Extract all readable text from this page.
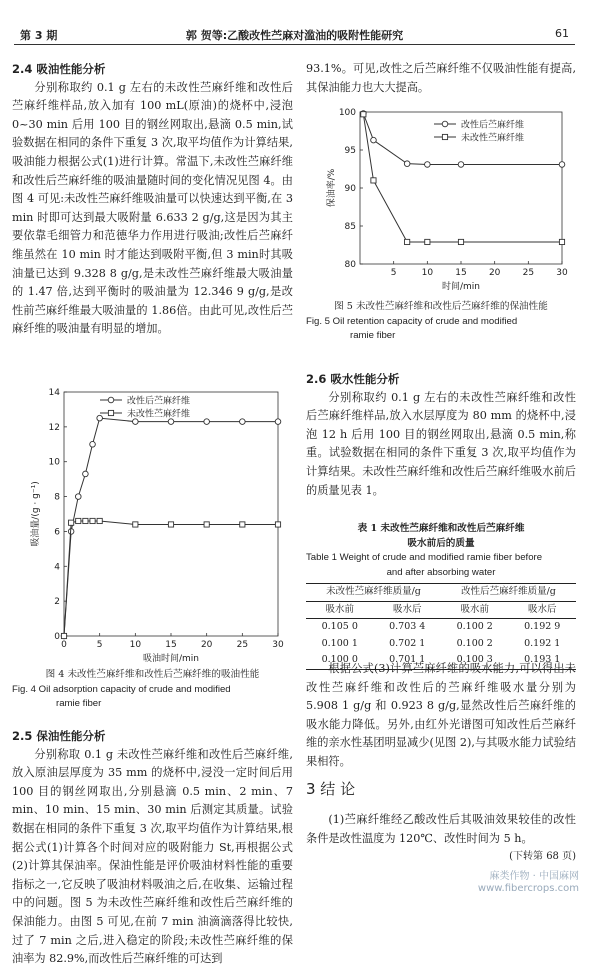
第 3 期	郭 贺等:乙酸改性苎麻对滥油的吸附性能研究	61
2.4 吸油性能分析

分别称取约 0.1 g 左右的未改性苎麻纤维和改性后苎麻纤维样品,放入加有 100 mL(原油)的烧杯中,浸泡 0~30 min 后用 100 目的钢丝网取出,悬滴 0.5 min,试验数据在相同的条件下重复 3 次,取平均值作为计算结果,吸油能力根据公式(1)进行计算。常温下,未改性苎麻纤维和改性后苎麻纤维的吸油量随时间的变化情况见图 4。由图 4 可见:未改性苎麻纤维吸油量可以快速达到平衡,在 3 min 时即可达到最大吸附量 6.633 2 g/g,这是因为其主要依靠毛细管力和范德华力作用进行吸油;改性后苎麻纤维虽然在 10 min 时才能达到吸附平衡,但 3 min时其吸油量已达到 9.328 8 g/g,是未改性苎麻纤维最大吸油量的 1.47 倍,达到平衡时的吸油量为 12.346 9 g/g,是改性前苎麻纤维最大吸油量的 1.86倍。由此可见,改性后苎麻纤维的吸油量有明显的增加。

0	5	10	15	20	25	30
0
2
4
6
8
10
12
14
吸油时间/min
吸油量/(g · g⁻¹)
改性后苎麻纤维
未改性苎麻纤维
图 4 未改性苎麻纤维和改性后苎麻纤维的吸油性能
Fig. 4 Oil adsorption capacity of crude and modified
ramie fiber
2.5 保油性能分析

分别称取 0.1 g 未改性苎麻纤维和改性后苎麻纤维,放入原油层厚度为 35 mm 的烧杯中,浸没一定时间后用 100 目的钢丝网取出,分别悬滴 0.5 min、2 min、7 min、10 min、15 min、30 min 后测定其质量。试验数据在相同的条件下重复 3 次,取平均值作为计算结果,根据公式(1)计算各个时间对应的吸附能力 St,再根据公式(2)计算其保油率。保油性能是评价吸油材料性能的重要指标之一,它反映了吸油材料吸油之后,在收集、运输过程中的问题。图 5 为未改性苎麻纤维和改性后苎麻纤维的保油能力。由图 5 可见,在前 7 min 油滴滴落得比较快,过了 7 min 之后,进入稳定的阶段;未改性苎麻纤维的保油率为 82.9%,而改性后苎麻纤维的可达到

93.1%。可见,改性之后苎麻纤维不仅吸油性能有提高,其保油能力也大大提高。

5	10 15 20 25 30
80
85
90
95
100
时间/min
保油率/%
改性后苎麻纤维
未改性苎麻纤维
图 5 未改性苎麻纤维和改性后苎麻纤维的保油性能
Fig. 5 Oil retention capacity of crude and modified
ramie fiber
2.6 吸水性能分析

分别称取约 0.1 g 左右的未改性苎麻纤维和改性后苎麻纤维样品,放入水层厚度为 80 mm 的烧杯中,浸泡 12 h 后用 100 目的钢丝网取出,悬滴 0.5 min,称重。试验数据在相同的条件下重复 3 次,取平均值作为计算结果。未改性苎麻纤维和改性后苎麻纤维吸水前后的质量见表 1。

表 1 未改性苎麻纤维和改性后苎麻纤维
吸水前后的质量
Table 1 Weight of crude and modified ramie fiber before
and after absorbing water
未改性苎麻纤维质量/g		改性后苎麻纤维质量/g	
吸水前	吸水后	吸水前	吸水后
0.105 0	0.703 4	0.100 2	0.192 9
0.100 1	0.702 1	0.100 2	0.192 1
0.100 0	0.701 1	0.100 3	0.193 1

根据公式(3)计算苎麻纤维的吸水能力,可以得出未改性苎麻纤维和改性后的苎麻纤维吸水量分别为 5.908 1 g/g 和 0.923 8 g/g,显然改性后苎麻纤维的吸水能力降低。另外,由红外光谱图可知改性后苎麻纤维的亲水性基团明显减少(见图 2),与其吸水能力试验结果相符。

3 结 论

(1)苎麻纤维经乙酸改性后其吸油效果较佳的改性条件是改性温度为 120℃、改性时间为 5 h。

(下转第 68 页)
麻类作物 · 中国麻网
www.fibercrops.com
